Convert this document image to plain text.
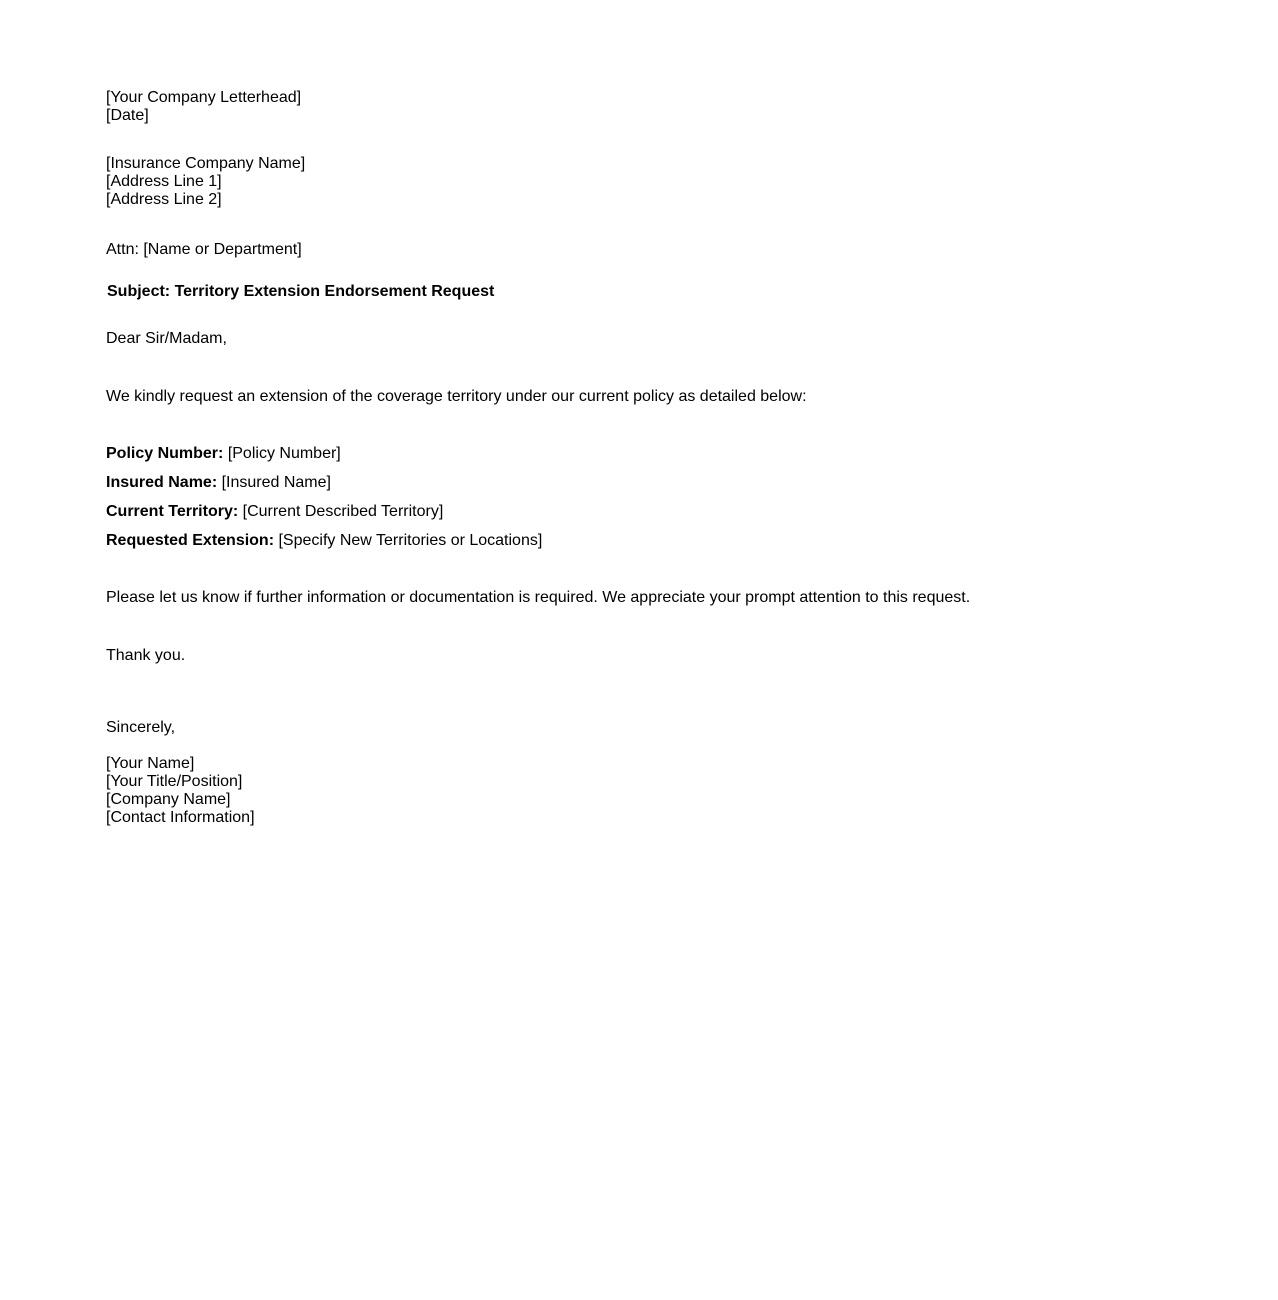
[Your Company Letterhead]
[Date]
[Insurance Company Name]
[Address Line 1]
[Address Line 2]
Attn: [Name or Department]
Subject: Territory Extension Endorsement Request
Dear Sir/Madam,
We kindly request an extension of the coverage territory under our current policy as detailed below:
Policy Number: [Policy Number]
Insured Name: [Insured Name]
Current Territory: [Current Described Territory]
Requested Extension: [Specify New Territories or Locations]
Please let us know if further information or documentation is required. We appreciate your prompt attention to this request.
Thank you.
Sincerely,
[Your Name]
[Your Title/Position]
[Company Name]
[Contact Information]
